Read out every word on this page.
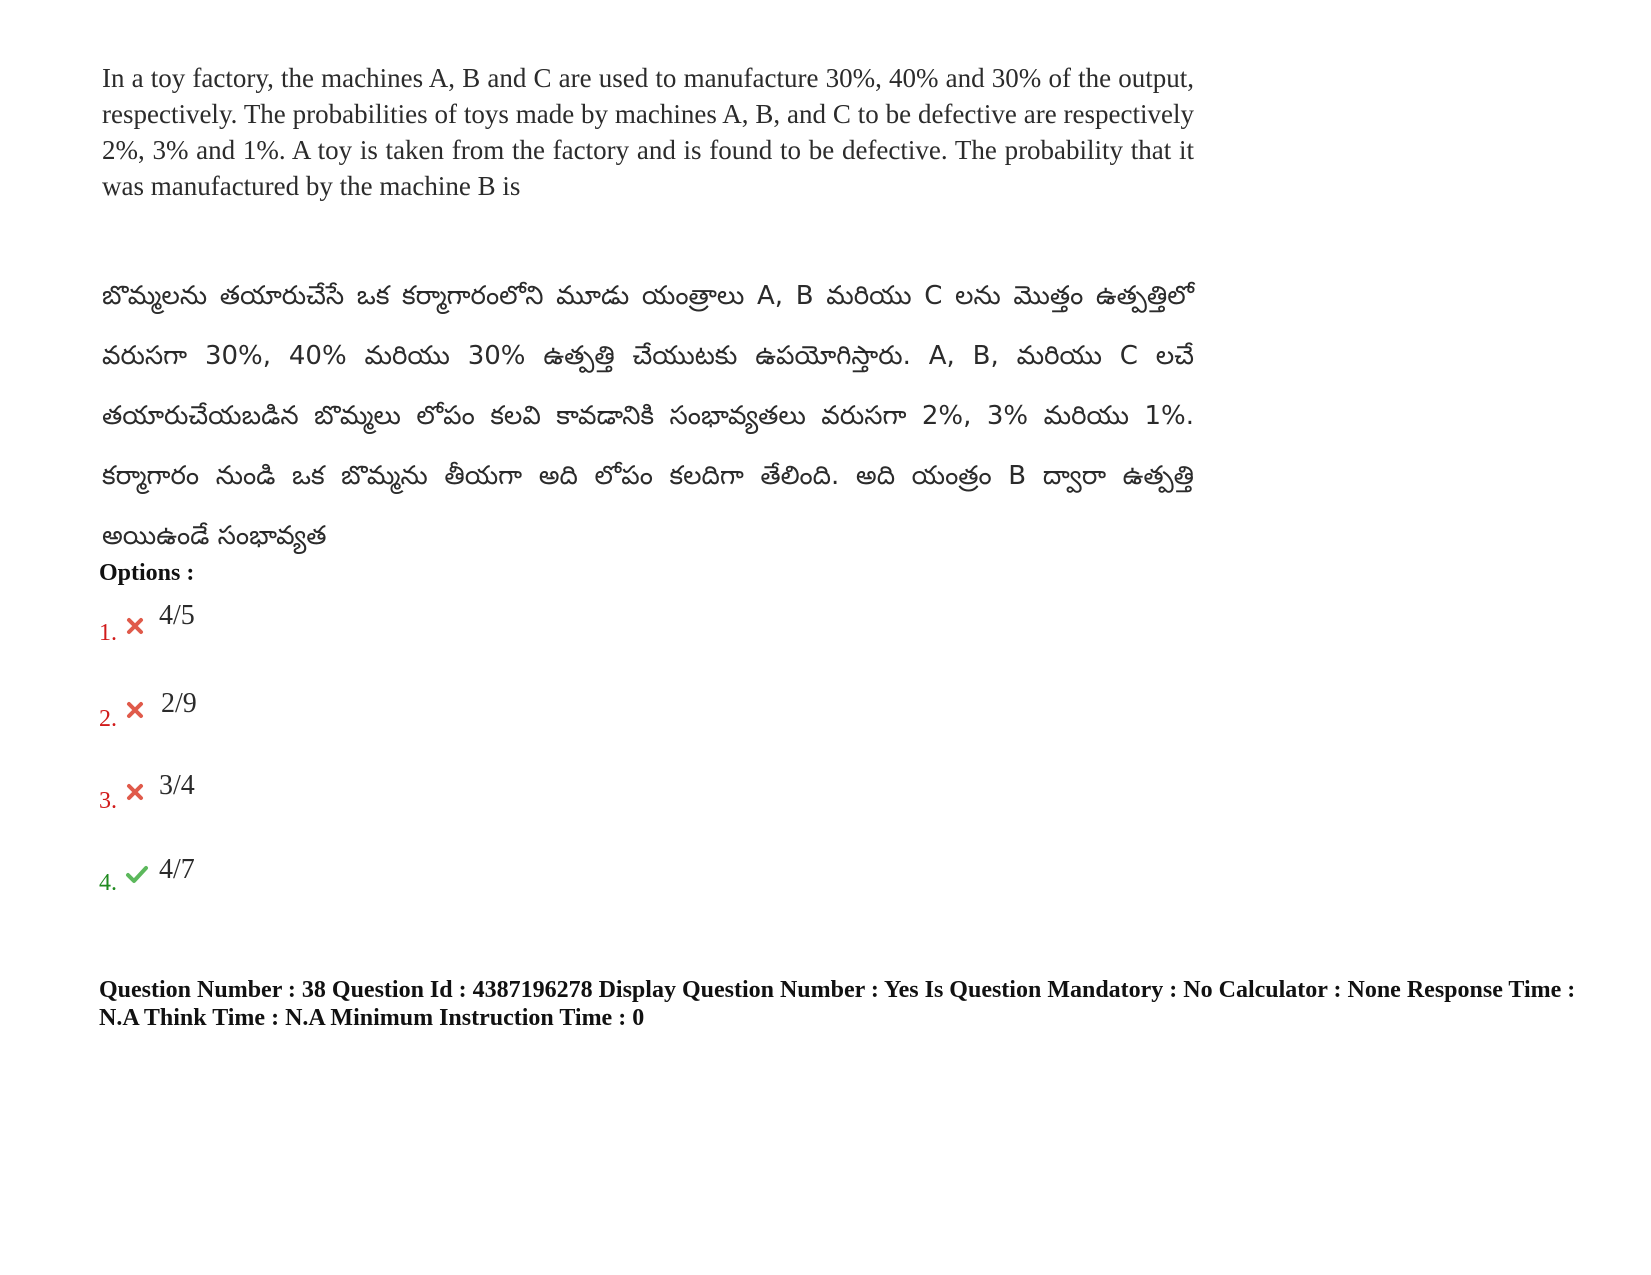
In a toy factory, the machines A, B and C are used to manufacture 30%, 40% and 30% of the output, respectively. The probabilities of toys made by machines A, B, and C to be defective are respectively 2%, 3% and 1%. A toy is taken from the factory and is found to be defective. The probability that it was manufactured by the machine B is
బొమ్మలను తయారుచేసే ఒక కర్మాగారంలోని మూడు యంత్రాలు A, B మరియు C లను మొత్తం ఉత్పత్తిలో వరుసగా 30%, 40% మరియు 30% ఉత్పత్తి చేయుటకు ఉపయోగిస్తారు. A, B, మరియు C లచే తయారుచేయబడిన బొమ్మలు లోపం కలవి కావడానికి సంభావ్యతలు వరుసగా 2%, 3% మరియు 1%. కర్మాగారం నుండి ఒక బొమ్మను తీయగా అది లోపం కలదిగా తేలింది. అది యంత్రం B ద్వారా ఉత్పత్తి అయిఉండే సంభావ్యత
Options :
1.
4/5
2. 2/9
3. 3/4
4. 4/7
Question Number : 38 Question Id : 4387196278 Display Question Number : Yes Is Question Mandatory : No Calculator : None Response Time : N.A Think Time : N.A Minimum Instruction Time : 0
